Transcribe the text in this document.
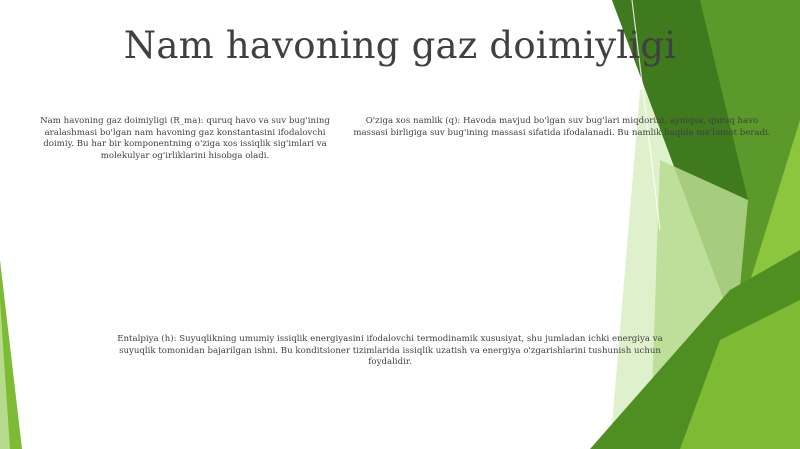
Nam havoning gaz doimiyligi

Nam havoning gaz doimiyligi (R_ma): quruq havo va suv bug'ining aralashmasi bo'lgan nam havoning gaz konstantasini ifodalovchi doimiy. Bu har bir komponentning o'ziga xos issiqlik sig'imlari va molekulyar og'irliklarini hisobga oladi.

O'ziga xos namlik (q): Havoda mavjud bo'lgan suv bug'lari miqdorini, ayniqsa, quruq havo massasi birligiga suv bug'ining massasi sifatida ifodalanadi. Bu namlik haqida ma'lumot beradi.

Entalpiya (h): Suyuqlikning umumiy issiqlik energiyasini ifodalovchi termodinamik xususiyat, shu jumladan ichki energiya va suyuqlik tomonidan bajarilgan ishni. Bu konditsioner tizimlarida issiqlik uzatish va energiya o'zgarishlarini tushunish uchun foydalidir.
